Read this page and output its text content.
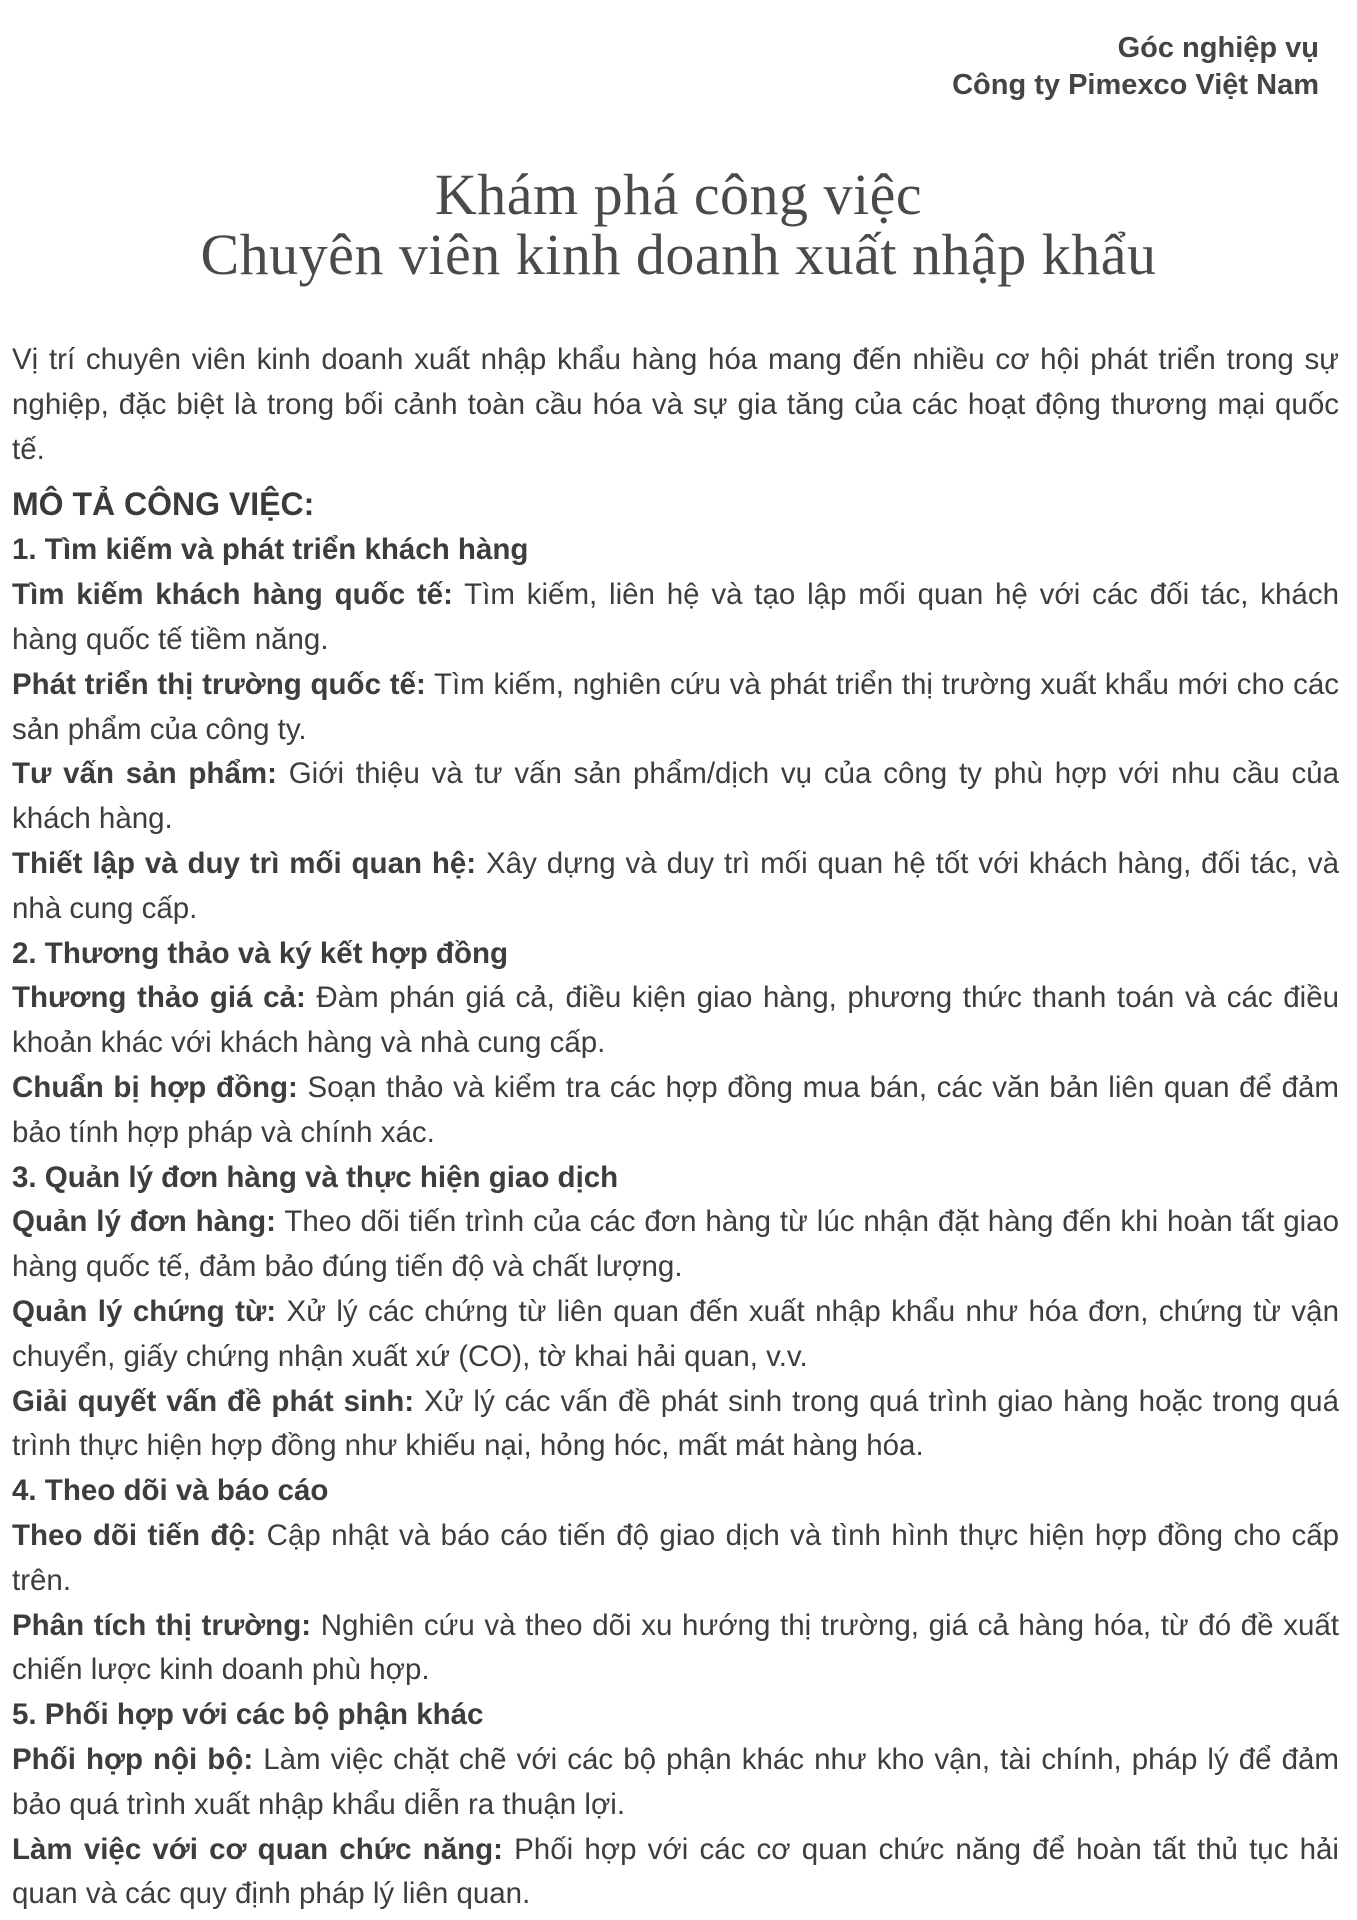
Góc nghiệp vụ
Công ty Pimexco Việt Nam
Khám phá công việc
Chuyên viên kinh doanh xuất nhập khẩu

Vị trí chuyên viên kinh doanh xuất nhập khẩu hàng hóa mang đến nhiều cơ hội phát triển trong sự nghiệp, đặc biệt là trong bối cảnh toàn cầu hóa và sự gia tăng của các hoạt động thương mại quốc tế.

MÔ TẢ CÔNG VIỆC:

1. Tìm kiếm và phát triển khách hàng

Tìm kiếm khách hàng quốc tế: Tìm kiếm, liên hệ và tạo lập mối quan hệ với các đối tác, khách hàng quốc tế tiềm năng.

Phát triển thị trường quốc tế: Tìm kiếm, nghiên cứu và phát triển thị trường xuất khẩu mới cho các sản phẩm của công ty.

Tư vấn sản phẩm: Giới thiệu và tư vấn sản phẩm/dịch vụ của công ty phù hợp với nhu cầu của khách hàng.

Thiết lập và duy trì mối quan hệ: Xây dựng và duy trì mối quan hệ tốt với khách hàng, đối tác, và nhà cung cấp.

2. Thương thảo và ký kết hợp đồng

Thương thảo giá cả: Đàm phán giá cả, điều kiện giao hàng, phương thức thanh toán và các điều khoản khác với khách hàng và nhà cung cấp.

Chuẩn bị hợp đồng: Soạn thảo và kiểm tra các hợp đồng mua bán, các văn bản liên quan để đảm bảo tính hợp pháp và chính xác.

3. Quản lý đơn hàng và thực hiện giao dịch

Quản lý đơn hàng: Theo dõi tiến trình của các đơn hàng từ lúc nhận đặt hàng đến khi hoàn tất giao hàng quốc tế, đảm bảo đúng tiến độ và chất lượng.

Quản lý chứng từ: Xử lý các chứng từ liên quan đến xuất nhập khẩu như hóa đơn, chứng từ vận chuyển, giấy chứng nhận xuất xứ (CO), tờ khai hải quan, v.v.

Giải quyết vấn đề phát sinh: Xử lý các vấn đề phát sinh trong quá trình giao hàng hoặc trong quá trình thực hiện hợp đồng như khiếu nại, hỏng hóc, mất mát hàng hóa.

4. Theo dõi và báo cáo

Theo dõi tiến độ: Cập nhật và báo cáo tiến độ giao dịch và tình hình thực hiện hợp đồng cho cấp trên.

Phân tích thị trường: Nghiên cứu và theo dõi xu hướng thị trường, giá cả hàng hóa, từ đó đề xuất chiến lược kinh doanh phù hợp.

5. Phối hợp với các bộ phận khác

Phối hợp nội bộ: Làm việc chặt chẽ với các bộ phận khác như kho vận, tài chính, pháp lý để đảm bảo quá trình xuất nhập khẩu diễn ra thuận lợi.

Làm việc với cơ quan chức năng: Phối hợp với các cơ quan chức năng để hoàn tất thủ tục hải quan và các quy định pháp lý liên quan.
